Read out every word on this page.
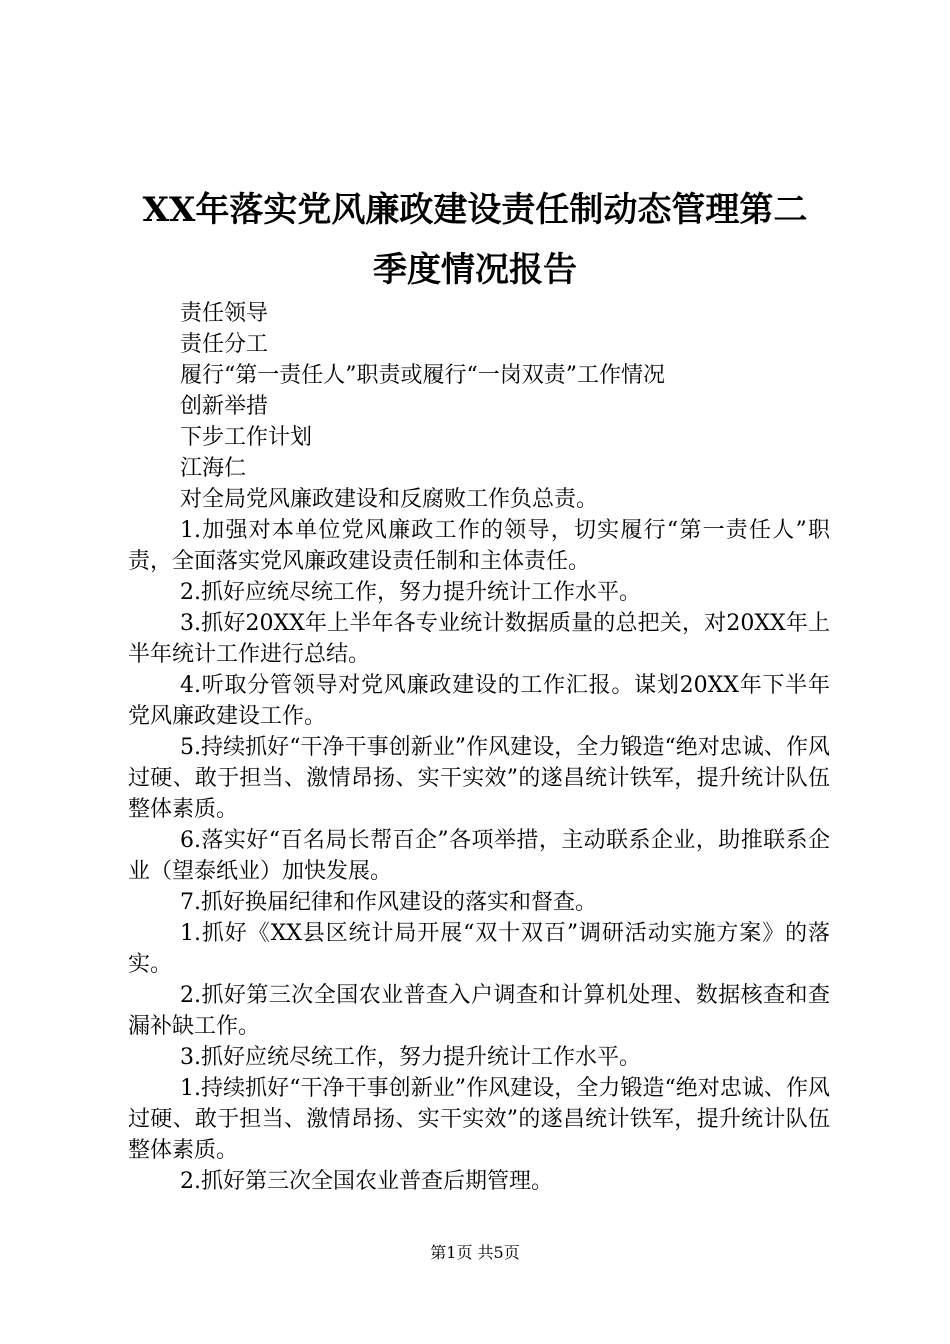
XX年落实党风廉政建设责任制动态管理第二
季度情况报告
责任领导
责任分工
履行“第一责任人”职责或履行“一岗双责”工作情况
创新举措
下步工作计划
江海仁
对全局党风廉政建设和反腐败工作负总责。

1.加强对本单位党风廉政工作的领导，切实履行“第一责任人”职责，全面落实党风廉政建设责任制和主体责任。

2.抓好应统尽统工作，努力提升统计工作水平。

3.抓好20XX年上半年各专业统计数据质量的总把关，对20XX年上半年统计工作进行总结。

4.听取分管领导对党风廉政建设的工作汇报。谋划20XX年下半年党风廉政建设工作。

5.持续抓好“干净干事创新业”作风建设，全力锻造“绝对忠诚、作风过硬、敢于担当、激情昂扬、实干实效”的遂昌统计铁军，提升统计队伍整体素质。

6.落实好“百名局长帮百企”各项举措，主动联系企业，助推联系企业（望泰纸业）加快发展。

7.抓好换届纪律和作风建设的落实和督查。

1.抓好《XX县区统计局开展“双十双百”调研活动实施方案》的落实。

2.抓好第三次全国农业普查入户调查和计算机处理、数据核查和查漏补缺工作。

3.抓好应统尽统工作，努力提升统计工作水平。

1.持续抓好“干净干事创新业”作风建设，全力锻造“绝对忠诚、作风过硬、敢于担当、激情昂扬、实干实效”的遂昌统计铁军，提升统计队伍整体素质。

2.抓好第三次全国农业普查后期管理。

第1页 共5页
